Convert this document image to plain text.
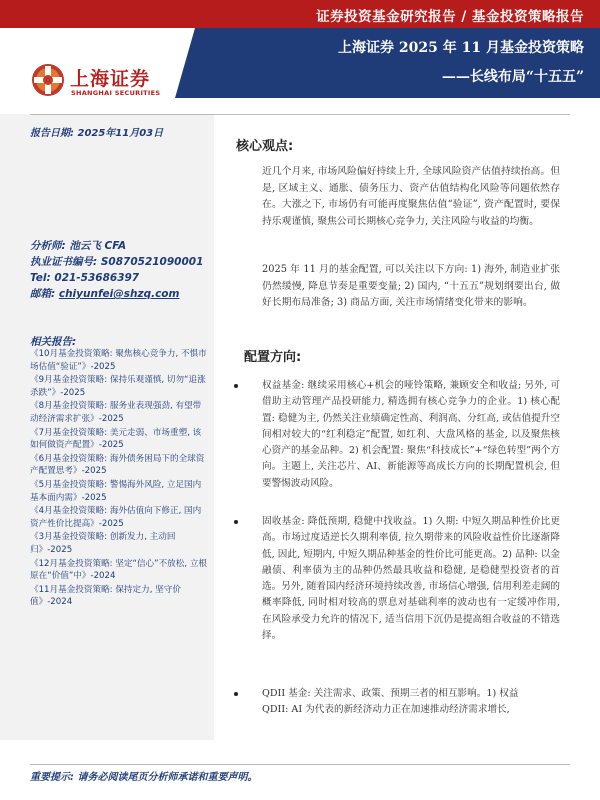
证券投资基金研究报告 / 基金投资策略报告
上海证券 2025 年 11 月基金投资策略
——长线布局“十五五”
上海证券
SHANGHAI SECURITIES
报告日期: 2025年11月03日
分析师: 池云飞 CFA
执业证书编号: S0870521090001
Tel: 021-53686397
邮箱: chiyunfei@shzq.com
相关报告:
《10月基金投资策略: 聚焦核心竞争力, 不惧市场估值“验证”》-2025
《9月基金投资策略: 保持乐观谨慎, 切勿“追涨杀跌”》-2025
《8月基金投资策略: 服务业表现强劲, 有望带动经济需求扩张》-2025
《7月基金投资策略: 美元走弱、市场重塑, 该如何做资产配置》-2025
《6月基金投资策略: 海外债务困局下的全球资产配置思考》-2025
《5月基金投资策略: 警惕海外风险, 立足国内基本面内需》-2025
《4月基金投资策略: 海外估值向下修正, 国内资产性价比提高》-2025
《3月基金投资策略: 创新发力, 主动回归》-2025
《12月基金投资策略: 坚定“信心”不放松, 立根原在“价值”中》-2024
《11月基金投资策略: 保持定力, 坚守价值》-2024
核心观点:
近几个月来, 市场风险偏好持续上升, 全球风险资产估值持续抬高。但是, 区域主义、通胀、债务压力、资产估值结构化风险等问题依然存在。大涨之下, 市场仍有可能再度聚焦估值“验证”, 资产配置时, 要保持乐观谨慎, 聚焦公司长期核心竞争力, 关注风险与收益的均衡。
2025 年 11 月的基金配置, 可以关注以下方向: 1) 海外, 制造业扩张仍然缓慢, 降息节奏是重要变量; 2) 国内, “十五五”规划纲要出台, 做好长期布局准备; 3) 商品方面, 关注市场情绪变化带来的影响。
配置方向:
权益基金: 继续采用核心+机会的哑铃策略, 兼顾安全和收益; 另外, 可借助主动管理产品投研能力, 精选拥有核心竞争力的企业。1) 核心配置: 稳健为主, 仍然关注业绩确定性高、利润高、分红高, 或估值提升空间相对较大的“红利稳定”配置, 如红利、大盘风格的基金, 以及聚焦核心资产的基金品种。2) 机会配置: 聚焦“科技成长”+“绿色转型”两个方向。主题上, 关注芯片、AI、新能源等高成长方向的长期配置机会, 但要警惕波动风险。
固收基金: 降低预期, 稳健中找收益。1) 久期: 中短久期品种性价比更高。市场过度适逆长久期利率债, 拉久期带来的风险收益性价比逐渐降低, 因此, 短期内, 中短久期品种基金的性价比可能更高。2) 品种: 以金融债、利率债为主的品种仍然最具收益和稳健, 是稳健型投资者的首选。另外, 随着国内经济环境持续改善, 市场信心增强, 信用利差走阔的概率降低, 同时相对较高的票息对基础利率的波动也有一定缓冲作用, 在风险承受力允许的情况下, 适当信用下沉仍是提高组合收益的不错选择。
QDII 基金: 关注需求、政策、预期三者的相互影响。1) 权益
QDII: AI 为代表的新经济动力正在加速推动经济需求增长,
重要提示: 请务必阅读尾页分析师承诺和重要声明。
